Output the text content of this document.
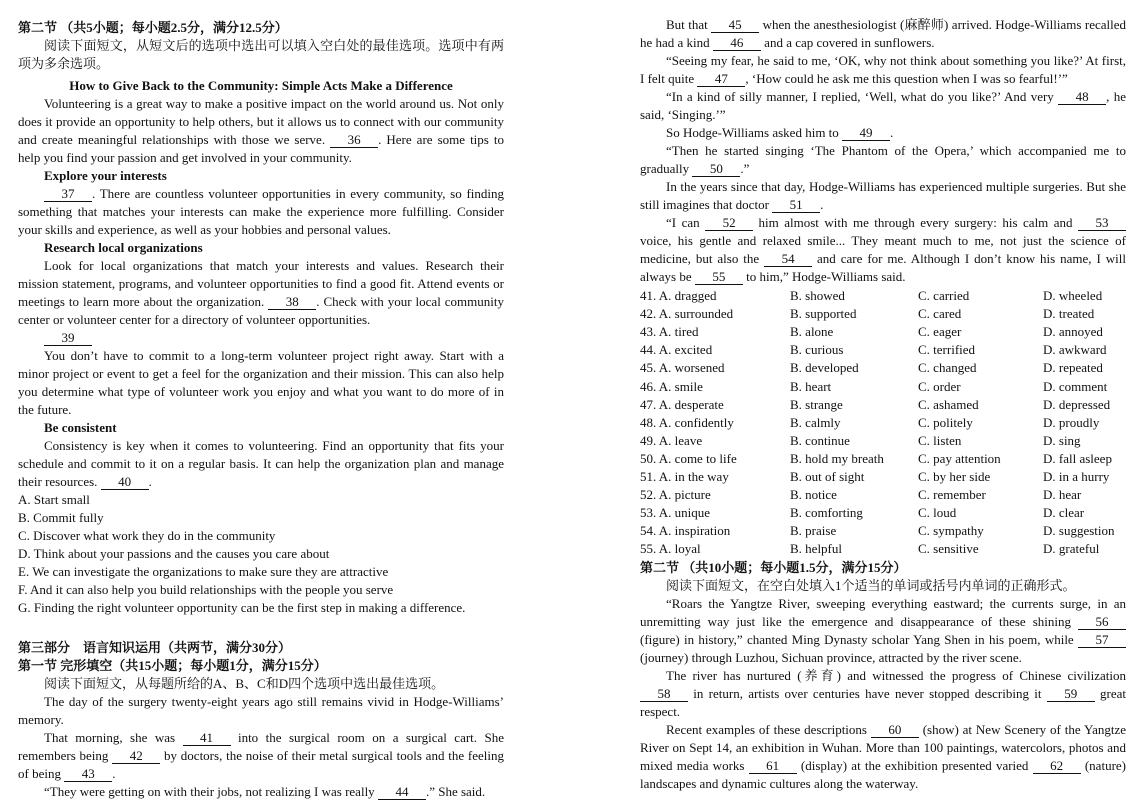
第二节 （共5小题；每小题2.5分，满分12.5分）

阅读下面短文，从短文后的选项中选出可以填入空白处的最佳选项。选项中有两项为多余选项。

How to Give Back to the Community: Simple Acts Make a Difference

Volunteering is a great way to make a positive impact on the world around us. Not only does it provide an opportunity to help others, but it allows us to connect with our community and create meaningful relationships with those we serve. 36 . Here are some tips to help you find your passion and get involved in your community.

Explore your interests

37 . There are countless volunteer opportunities in every community, so finding something that matches your interests can make the experience more fulfilling. Consider your skills and experience, as well as your hobbies and personal values.

Research local organizations

Look for local organizations that match your interests and values. Research their mission statement, programs, and volunteer opportunities to find a good fit. Attend events or meetings to learn more about the organization. 38 . Check with your local community center or volunteer center for a directory of volunteer opportunities.

39

You don’t have to commit to a long-term volunteer project right away. Start with a minor project or event to get a feel for the organization and their mission. This can also help you determine what type of volunteer work you enjoy and what you want to do more of in the future.

Be consistent

Consistency is key when it comes to volunteering. Find an opportunity that fits your schedule and commit to it on a regular basis. It can help the organization plan and manage their resources. 40 .

A. Start small

B. Commit fully

C. Discover what work they do in the community

D. Think about your passions and the causes you care about

E. We can investigate the organizations to make sure they are attractive

F. And it can also help you build relationships with the people you serve

G. Finding the right volunteer opportunity can be the first step in making a difference.

第三部分　语言知识运用（共两节，满分30分）

第一节 完形填空（共15小题；每小题1分，满分15分）

阅读下面短文，从每题所给的A、B、C和D四个选项中选出最佳选项。

The day of the surgery twenty-eight years ago still remains vivid in Hodge-Williams’ memory.

That morning, she was 41 into the surgical room on a surgical cart. She remembers being 42 by doctors, the noise of their metal surgical tools and the feeling of being 43 .

“They were getting on with their jobs, not realizing I was really 44 .” She said.

But that 45 when the anesthesiologist (麻醉师) arrived. Hodge-Williams recalled he had a kind 46 and a cap covered in sunflowers.

“Seeing my fear, he said to me, ‘OK, why not think about something you like?’ At first, I felt quite 47 , ‘How could he ask me this question when I was so fearful!’”

“In a kind of silly manner, I replied, ‘Well, what do you like?’ And very 48 , he said, ‘Singing.’”

So Hodge-Williams asked him to 49 .

“Then he started singing ‘The Phantom of the Opera,’ which accompanied me to gradually 50 .”

In the years since that day, Hodge-Williams has experienced multiple surgeries. But she still imagines that doctor 51 .

“I can 52 him almost with me through every surgery: his calm and 53 voice, his gentle and relaxed smile... They meant much to me, not just the science of medicine, but also the 54 and care for me. Although I don’t know his name, I will always be 55 to him,” Hodge-Williams said.

41. A. dragged	B. showed	C. carried	D. wheeled
42. A. surrounded	B. supported	C. cared	D. treated
43. A. tired	B. alone	C. eager	D. annoyed
44. A. excited	B. curious	C. terrified	D. awkward
45. A. worsened	B. developed	C. changed	D. repeated
46. A. smile	B. heart	C. order	D. comment
47. A. desperate	B. strange	C. ashamed	D. depressed
48. A. confidently	B. calmly	C. politely	D. proudly
49. A. leave	B. continue	C. listen	D. sing
50. A. come to life	B. hold my breath	C. pay attention	D. fall asleep
51. A. in the way	B. out of sight	C. by her side	D. in a hurry
52. A. picture	B. notice	C. remember	D. hear
53. A. unique	B. comforting	C. loud	D. clear
54. A. inspiration	B. praise	C. sympathy	D. suggestion
55. A. loyal	B. helpful	C. sensitive	D. grateful

第二节 （共10小题；每小题1.5分，满分15分）

阅读下面短文，在空白处填入1个适当的单词或括号内单词的正确形式。

“Roars the Yangtze River, sweeping everything eastward; the currents surge, in an unremitting way just like the emergence and disappearance of these shining 56 (figure) in history,” chanted Ming Dynasty scholar Yang Shen in his poem, while 57 (journey) through Luzhou, Sichuan province, attracted by the river scene.

The river has nurtured (养育) and witnessed the progress of Chinese civilization 58 in return, artists over centuries have never stopped describing it 59 great respect.

Recent examples of these descriptions 60 (show) at New Scenery of the Yangtze River on Sept 14, an exhibition in Wuhan. More than 100 paintings, watercolors, photos and mixed media works 61 (display) at the exhibition presented varied 62 (nature) landscapes and dynamic cultures along the waterway.
